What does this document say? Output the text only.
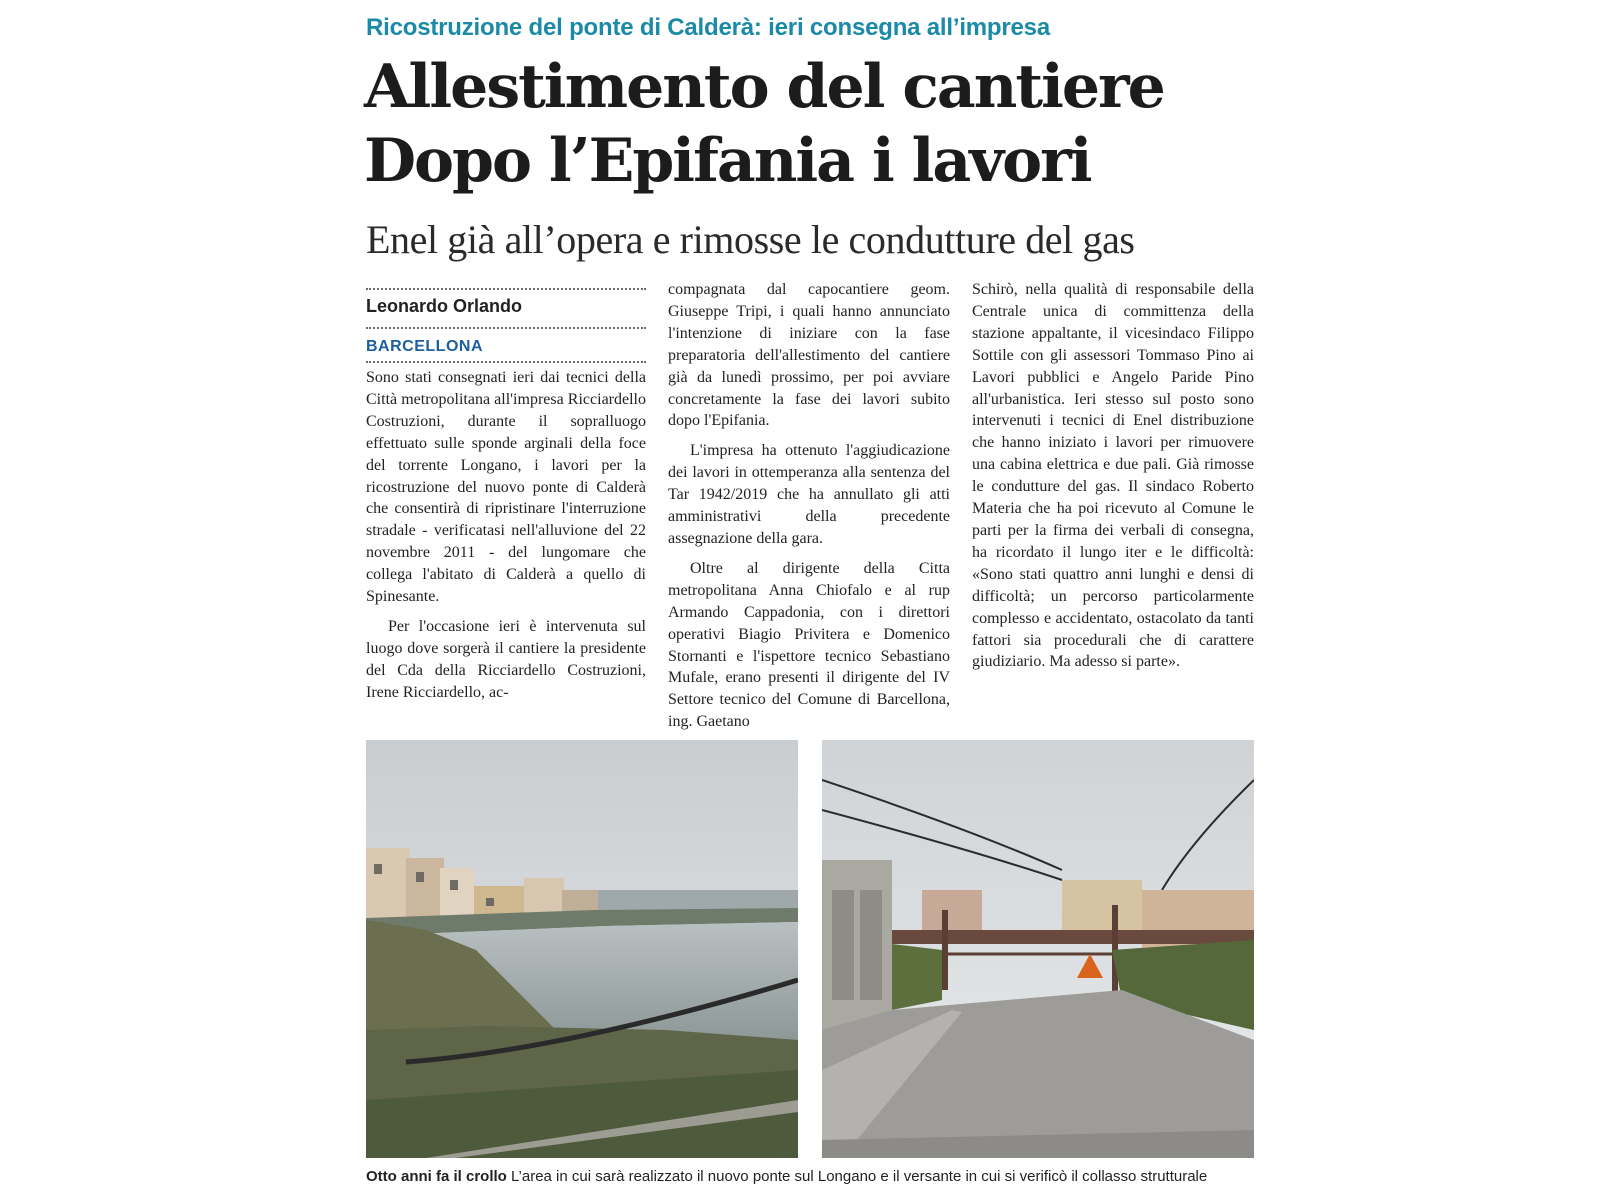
Ricostruzione del ponte di Calderà: ieri consegna all’impresa
Allestimento del cantiere
Dopo l’Epifania i lavori
Enel già all’opera e rimosse le condutture del gas
Leonardo Orlando
BARCELLONA

Sono stati consegnati ieri dai tecnici della Città metropolitana all'impresa Ricciardello Costruzioni, durante il sopralluogo effettuato sulle sponde arginali della foce del torrente Longano, i lavori per la ricostruzione del nuovo ponte di Calderà che consentirà di ripristinare l'interruzione stradale - verificatasi nell'alluvione del 22 novembre 2011 - del lungomare che collega l'abitato di Calderà a quello di Spinesante.

Per l'occasione ieri è intervenuta sul luogo dove sorgerà il cantiere la presidente del Cda della Ricciardello Costruzioni, Irene Ricciardello, ac-

compagnata dal capocantiere geom. Giuseppe Tripi, i quali hanno annunciato l'intenzione di iniziare con la fase preparatoria dell'allestimento del cantiere già da lunedì prossimo, per poi avviare concretamente la fase dei lavori subito dopo l'Epifania.

L'impresa ha ottenuto l'aggiudicazione dei lavori in ottemperanza alla sentenza del Tar 1942/2019 che ha annullato gli atti amministrativi della precedente assegnazione della gara.

Oltre al dirigente della Citta metropolitana Anna Chiofalo e al rup Armando Cappadonia, con i direttori operativi Biagio Privitera e Domenico Stornanti e l'ispettore tecnico Sebastiano Mufale, erano presenti il dirigente del IV Settore tecnico del Comune di Barcellona, ing. Gaetano

Schirò, nella qualità di responsabile della Centrale unica di committenza della stazione appaltante, il vicesindaco Filippo Sottile con gli assessori Tommaso Pino ai Lavori pubblici e Angelo Paride Pino all'urbanistica. Ieri stesso sul posto sono intervenuti i tecnici di Enel distribuzione che hanno iniziato i lavori per rimuovere una cabina elettrica e due pali. Già rimosse le condutture del gas. Il sindaco Roberto Materia che ha poi ricevuto al Comune le parti per la firma dei verbali di consegna, ha ricordato il lungo iter e le difficoltà: «Sono stati quattro anni lunghi e densi di difficoltà; un percorso particolarmente complesso e accidentato, ostacolato da tanti fattori sia procedurali che di carattere giudiziario. Ma adesso si parte».

Otto anni fa il crollo L’area in cui sarà realizzato il nuovo ponte sul Longano e il versante in cui si verificò il collasso strutturale
